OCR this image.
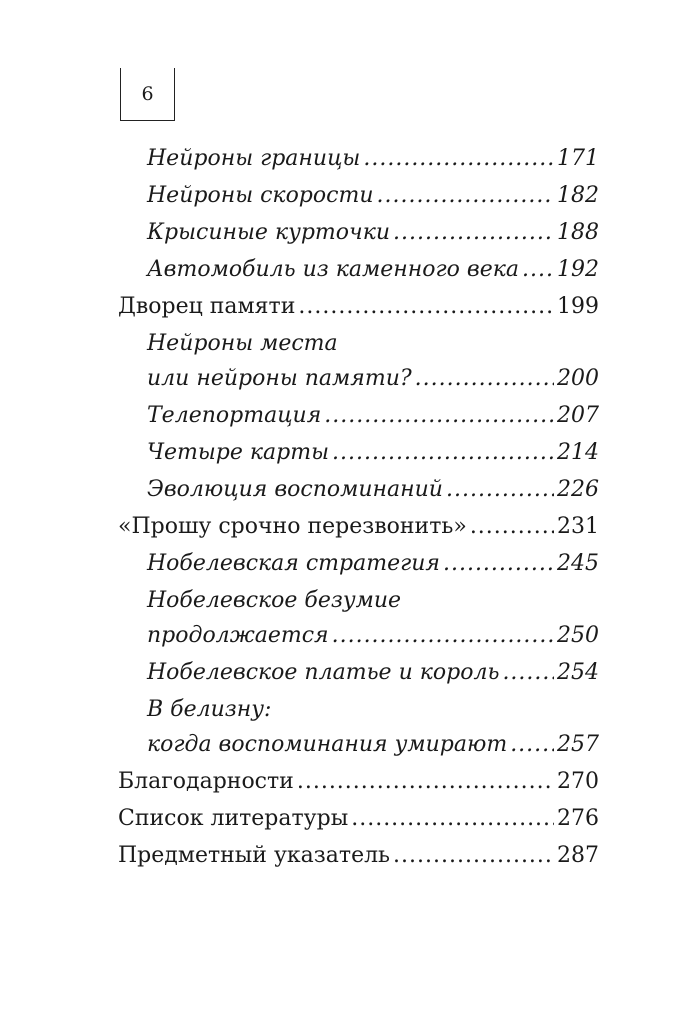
6
Нейроны границы .....	171
Нейроны скорости .....	182
Крысиные курточки .....	188
Автомобиль из каменного века ..... 192
Дворец памяти .....	199
Нейроны места
или нейроны памяти? .....	200
Телепортация .....	207
Четыре карты .....	214
Эволюция воспоминаний .....	226
«Прошу срочно перезвонить» .....	231
Нобелевская стратегия .....	245
Нобелевское безумие
продолжается .....	250
Нобелевское платье и король .....	254
В белизну:
когда воспоминания умирают ..... 257
Благодарности .....	270
Список литературы .....	276
Предметный указатель .....	287
